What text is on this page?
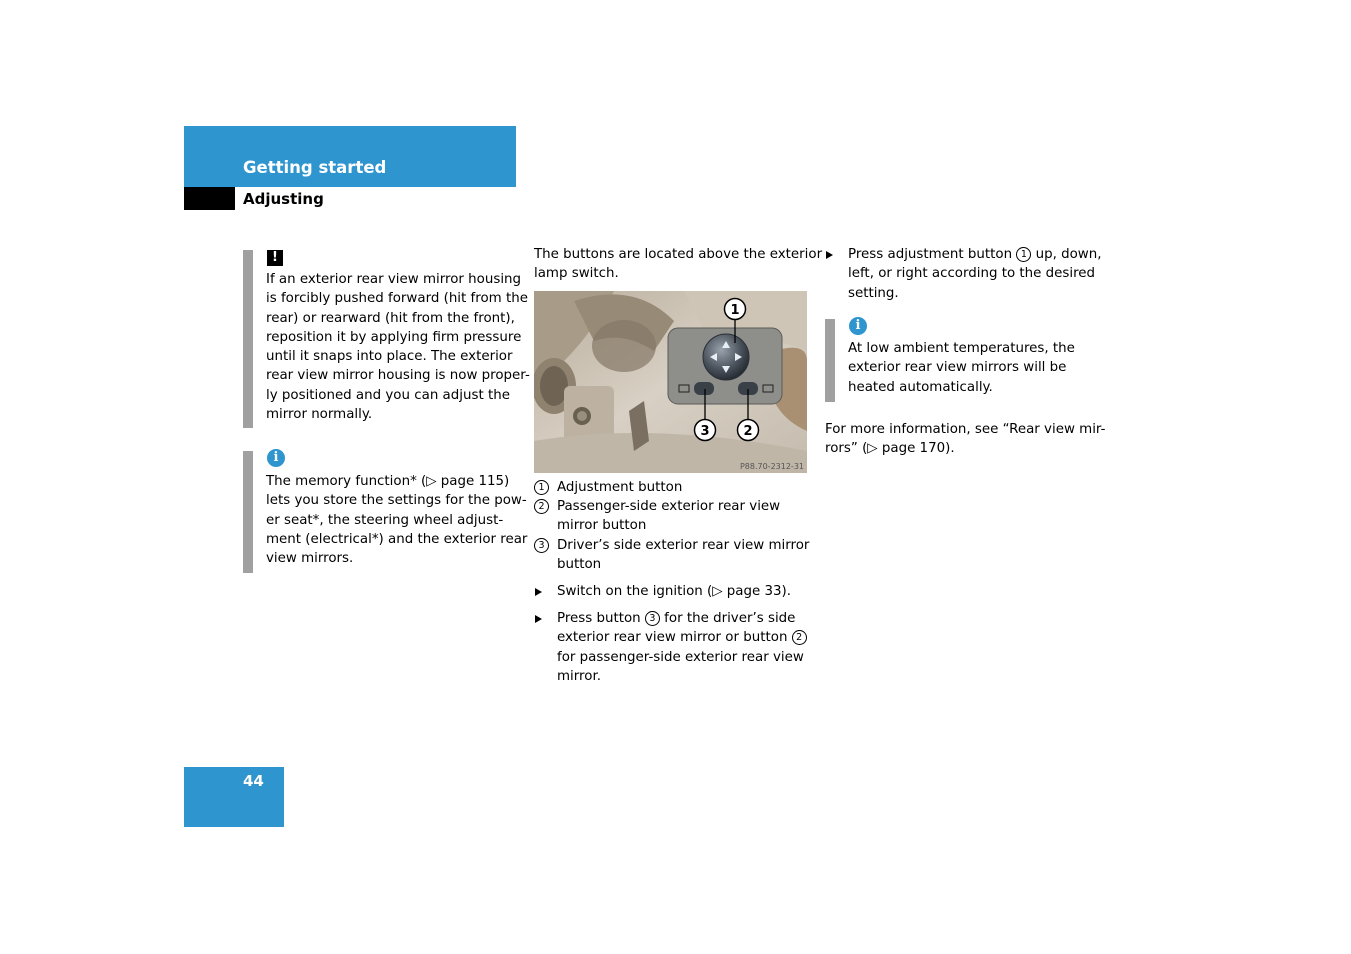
Getting started
Adjusting
!
If an exterior rear view mirror housing
is forcibly pushed forward (hit from the
rear) or rearward (hit from the front),
reposition it by applying firm pressure
until it snaps into place. The exterior
rear view mirror housing is now proper-
ly positioned and you can adjust the
mirror normally.
i
The memory function* (▷ page 115)
lets you store the settings for the pow-
er seat*, the steering wheel adjust-
ment (electrical*) and the exterior rear
view mirrors.
The buttons are located above the exterior
lamp switch.
1
3	2
P88.70-2312-31
1 Adjustment button
2 Passenger-side exterior rear view
mirror button
3 Driver’s side exterior rear view mirror
button
Switch on the ignition (▷ page 33).
Press button 3 for the driver’s side
exterior rear view mirror or button 2
for passenger-side exterior rear view
mirror.
Press adjustment button 1 up, down,
left, or right according to the desired
setting.
i
At low ambient temperatures, the
exterior rear view mirrors will be
heated automatically.
For more information, see “Rear view mir-
rors” (▷ page 170).
44
